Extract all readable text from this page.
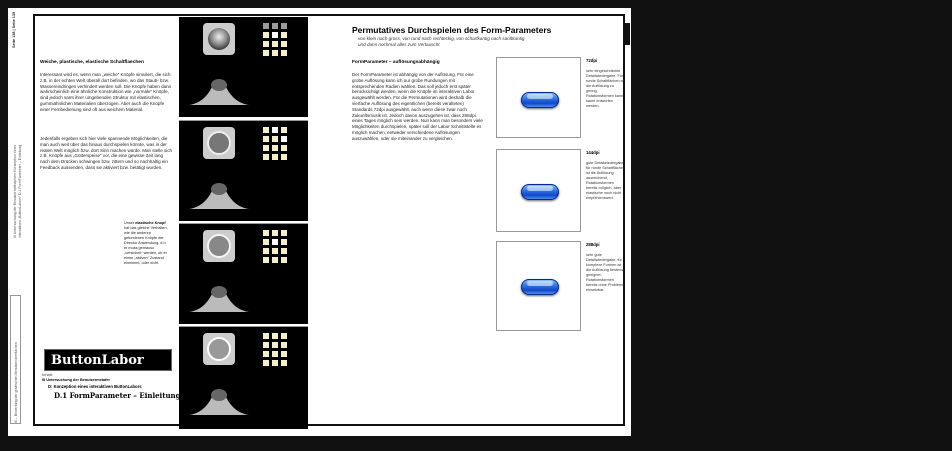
Seite 138 | Seite 139
III Untersuchung der Benutzermethaphern Konzeption eines interaktiven „ButtonLabors“ D.1 FormParameter – Einleitung
III – Bewertung der graifischen Benutzeroberflächen
Weiche, plastische, elastische Schaltflaechen
Interessant wird es, wenn man „weiche“ Knöpfe simuliert, die sich z.B. in der echten Welt überall dort befinden, wo das Staub- bzw. Wassereindringen verhindert werden soll. Die Knöpfe haben dann wahrscheinlich eine ähnliche Konstruktion wie „normale“ Knöpfe, sind jedoch samt ihrer umgebenden Struktur mit elastischen, gummiähnlichen Materialien überzogen. Aber auch die Knöpfe einer Fernbedienung sind oft aus weichem Material.
Jedenfalls ergeben sich hier viele spannende Möglichkeiten, die man auch weit über das hinaus durchspielen könnte, was in der realen Welt möglich bzw. dort Sinn machen würde. Man stelle sich z.B. Knöpfe aus „Götterspeise“ vor, die eine gewisse Zeit lang nach dem Drücken schwingen bzw. zittern und so nachhaltig ein Feedback aussenden, dass sie aktiviert bzw. betätigt wurden.
Unser elastische Knopf hat das gleiche Verhalten, wie die anderen gefundenen Knöpfe der Director Anwendung, d.h. er muss gemauso „versinkelt“ werden, ob er einen „aktiven“ Zustand einnimmt, oder nicht.
ButtonLabor
Inhalt:
III Untersuchung der Benutzermetafer
D: Konzeption eines interaktiven ButtonLabors
D.1 FormParameter – Einleitung
Permutatives Durchspielen des Form-Parameters
von klein nach gross, von rund nach rechteckig, von scharfkantig nach sanftkantig und dann nochmal alles zum Vertauscht
FormParameter – auflösungsabhängig
Der FormParameter ist abhängig von der Auflösung. Für eine grobe Auflösung kann ich nur grobe Rundungen mit entsprechenden Radien wählen. Das soll jedoch erst später berücksichtigt werden, wenn die Knöpfe im interaktiven Labor ausgewählt werden. Für die Permutationen wird deshalb die vierfache Auflösung des eigentlichen (bereits veralteten) Standards 72dpi ausgewählt, auch wenn diese zwar noch Zukunftsmusik ist. Jedoch davon auszugehen ist, dass 288dpi eines Tages möglich sein werden. Nun kann man besonders viele Möglichkeiten durchspielen, später soll der Labor Schnittstelle es möglich machen, entweder verschiedene Auflösungen auszuwählen, oder sie miteinander zu vergleichen.
72dpi
sehr eingeschränkte Detailwiedergabe. Für runde Schaltflächen ist die Auflösung zu gering, Rotationsformen kann kaum entworfen werden.
144dpi
gute Detailwiedergabe, für runde Schaltflächen ist die Auflösung ausreichend, Rotationsformen bereits möglich, aber elastische noch nicht empfehlenswert.
288dpi
sehr gute Detailwiedergabe, für komplexe Formen ist die Auflösung bestens geeignet, Rotationsformen bereits ohne Probleme einsetzbar.
